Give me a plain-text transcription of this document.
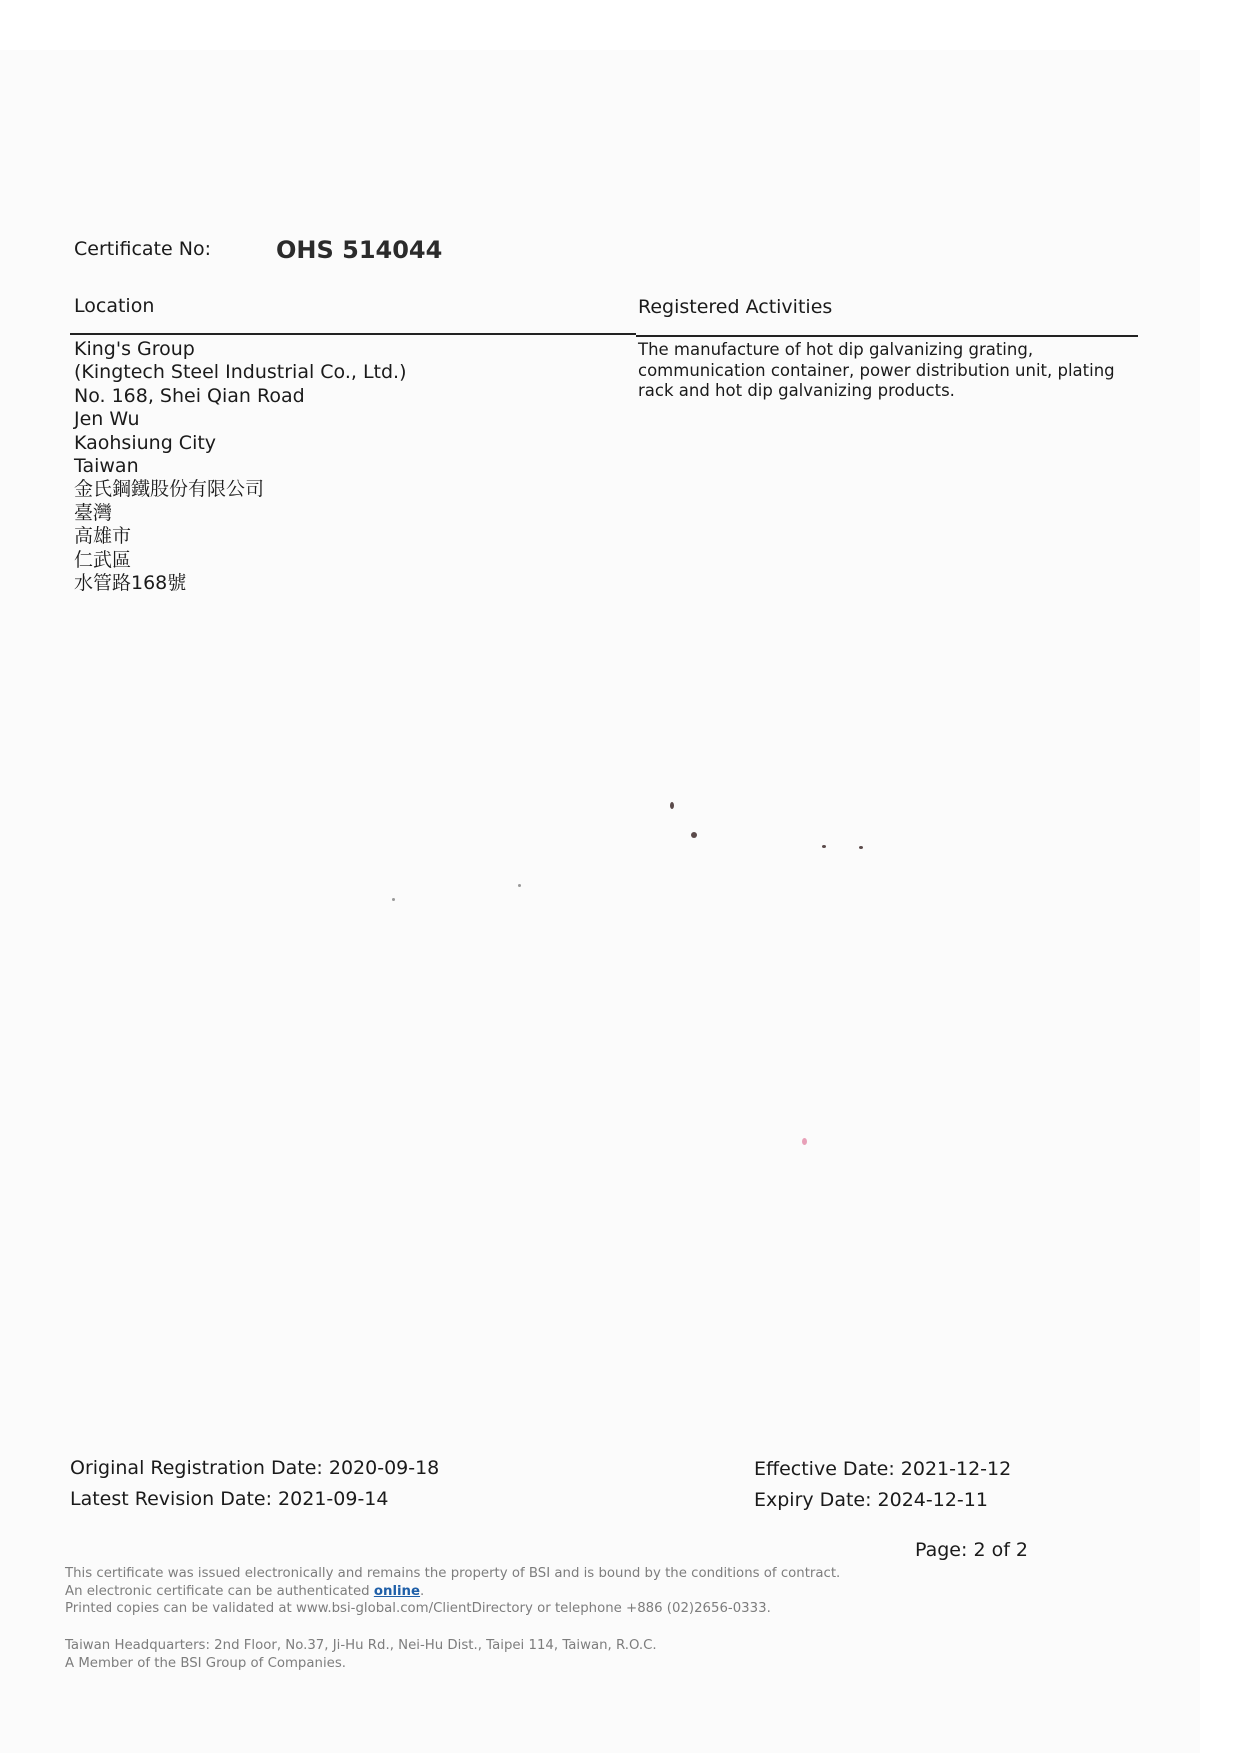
Certificate No:	OHS 514044
Location	Registered Activities
King's Group
(Kingtech Steel Industrial Co., Ltd.)
No. 168, Shei Qian Road
Jen Wu
Kaohsiung City
Taiwan
金氏鋼鐵股份有限公司
臺灣
高雄市
仁武區
水管路168號
The manufacture of hot dip galvanizing grating, communication container, power distribution unit, plating rack and hot dip galvanizing products.
Original Registration Date: 2020-09-18
Latest Revision Date: 2021-09-14
Effective Date: 2021-12-12
Expiry Date: 2024-12-11
Page: 2 of 2
This certificate was issued electronically and remains the property of BSI and is bound by the conditions of contract.
An electronic certificate can be authenticated online.
Printed copies can be validated at www.bsi-global.com/ClientDirectory or telephone +886 (02)2656-0333.
Taiwan Headquarters: 2nd Floor, No.37, Ji-Hu Rd., Nei-Hu Dist., Taipei 114, Taiwan, R.O.C.
A Member of the BSI Group of Companies.
